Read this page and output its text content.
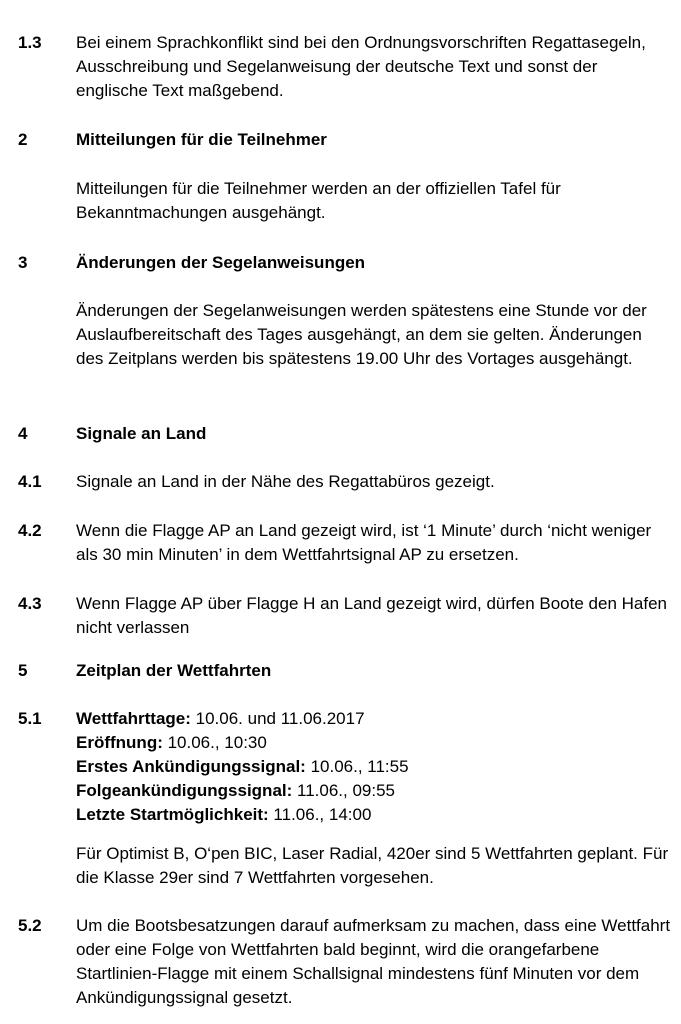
1.3 Bei einem Sprachkonflikt sind bei den Ordnungsvorschriften Regattasegeln, Ausschreibung und Segelanweisung der deutsche Text und sonst der englische Text maßgebend.
2	Mitteilungen für die Teilnehmer
Mitteilungen für die Teilnehmer werden an der offiziellen Tafel für Bekanntmachungen ausgehängt.
3	Änderungen der Segelanweisungen
Änderungen der Segelanweisungen werden spätestens eine Stunde vor der Auslaufbereitschaft des Tages ausgehängt, an dem sie gelten. Änderungen des Zeitplans werden bis spätestens 19.00 Uhr des Vortages ausgehängt.
4	Signale an Land
4.1 Signale an Land in der Nähe des Regattabüros gezeigt.
4.2 Wenn die Flagge AP an Land gezeigt wird, ist ‘1 Minute’ durch ‘nicht weniger als 30 min Minuten’ in dem Wettfahrtsignal AP zu ersetzen.
4.3 Wenn Flagge AP über Flagge H an Land gezeigt wird, dürfen Boote den Hafen nicht verlassen
5	Zeitplan der Wettfahrten
5.1 Wettfahrttage: 10.06. und 11.06.2017
Eröffnung: 10.06., 10:30
Erstes Ankündigungssignal: 10.06., 11:55
Folgeankündigungssignal: 11.06., 09:55
Letzte Startmöglichkeit: 11.06., 14:00
Für Optimist B, O‘pen BIC, Laser Radial, 420er sind 5 Wettfahrten geplant. Für die Klasse 29er sind 7 Wettfahrten vorgesehen.
5.2 Um die Bootsbesatzungen darauf aufmerksam zu machen, dass eine Wettfahrt oder eine Folge von Wettfahrten bald beginnt, wird die orangefarbene Startlinien-Flagge mit einem Schallsignal mindestens fünf Minuten vor dem Ankündigungssignal gesetzt.
